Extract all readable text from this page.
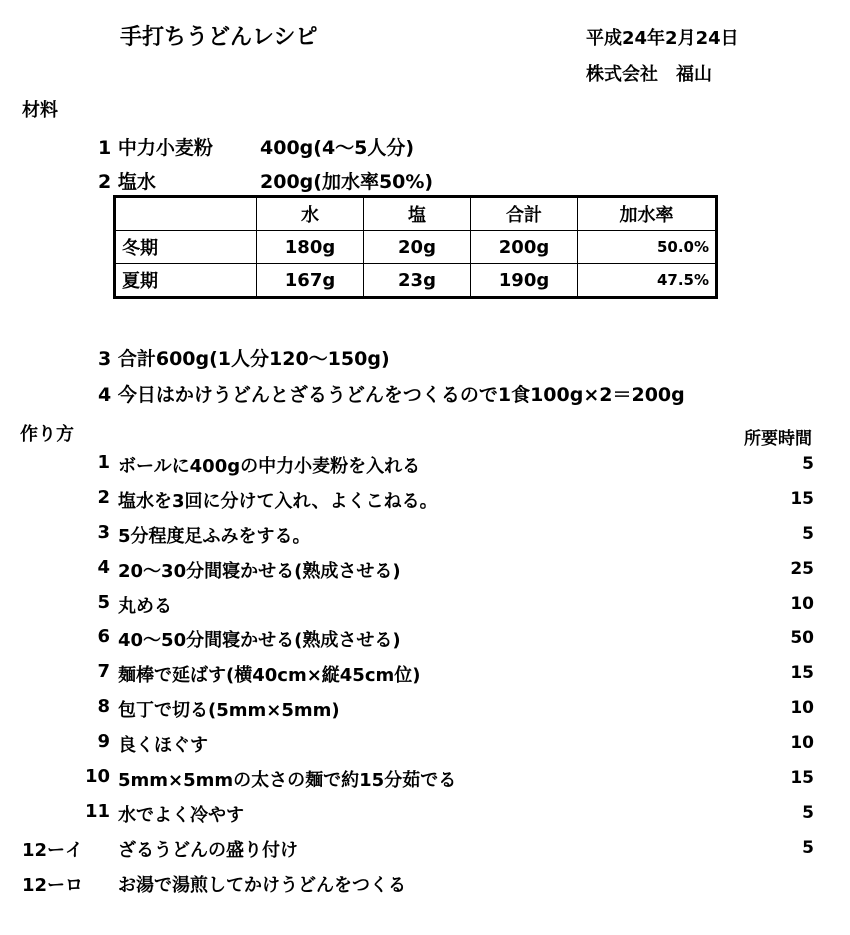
手打ちうどんレシピ	平成24年2月24日
株式会社　福山
材料
1 中力小麦粉 400g(4～5人分)
2 塩水	200g(加水率50%)
	水	塩	合計	加水率
冬期	180g	20g	200g	50.0%
夏期	167g	23g	190g	47.5%
3 合計600g(1人分120～150g)
4 今日はかけうどんとざるうどんをつくるので1食100g×2＝200g
作り方	所要時間
1 ボールに400gの中力小麦粉を入れる	5
2 塩水を3回に分けて入れ、よくこねる。	15
3 5分程度足ふみをする。	5
4 20～30分間寝かせる(熟成させる)	25
5 丸める	10
6 40～50分間寝かせる(熟成させる)	50
7 麺棒で延ばす(横40cm×縦45cm位)	15
8 包丁で切る(5mm×5mm)	10
9 良くほぐす	10
10 5mm×5mmの太さの麺で約15分茹でる	15
11 水でよく冷やす	5
12ーイ ざるうどんの盛り付け	5
12ーロ お湯で湯煎してかけうどんをつくる
